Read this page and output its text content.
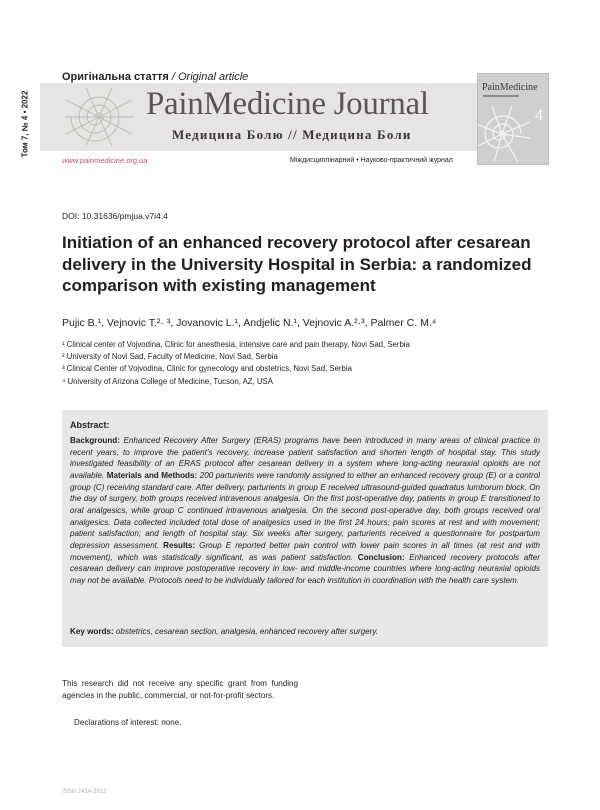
Оригінальна стаття / Original article
Том 7, № 4 • 2022	PainMedicine Journal
Медицина Болю // Медицина Боли
PainMedicine
4
www.painmedicine.org.ua	Міждисциплінарний • Науково-практичний журнал
DOI: 10.31636/pmjua.v7i4.4
Initiation of an enhanced recovery protocol after cesarean delivery in the University Hospital in Serbia: a randomized comparison with existing management
Pujic B.¹, Vejnovic T.²· ³, Jovanovic L.¹, Andjelic N.¹, Vejnovic A.²·³, Palmer C. M.⁴
¹ Clinical center of Vojvodina, Clinic for anesthesia, intensive care and pain therapy, Novi Sad, Serbia
² University of Novi Sad, Faculty of Medicine, Novi Sad, Serbia
³ Clinical Center of Vojvodina, Clinic for gynecology and obstetrics, Novi Sad, Serbia
⁴ University of Arizona College of Medicine, Tucson, AZ, USA
Abstract:
Background: Enhanced Recovery After Surgery (ERAS) programs have been introduced in many areas of clinical practice in recent years, to improve the patient’s recovery, increase patient satisfaction and shorten length of hospital stay. This study investigated feasibility of an ERAS protocol after cesarean delivery in a system where long-acting neuraxial opioids are not available. Materials and Methods: 200 parturients were randomly assigned to either an enhanced recovery group (E) or a control group (C) receiving standard care. After delivery, parturients in group E received ultrasound-guided quadratus lumborum block. On the day of surgery, both groups received intravenous analgesia. On the first post-operative day, patients in group E transitioned to oral analgesics, while group C continued intravenous analgesia. On the second post-operative day, both groups received oral analgesics. Data collected included total dose of analgesics used in the first 24 hours; pain scores at rest and with movement; patient satisfaction; and length of hospital stay. Six weeks after surgery, parturients received a questionnaire for postpartum depression assessment. Results: Group E reported better pain control with lower pain scores in all times (at rest and with movement), which was statistically significant, as was patient satisfaction. Conclusion: Enhanced recovery protocols after cesarean delivery can improve postoperative recovery in low- and middle-income countries where long-acting neuraxial opioids may not be available. Protocols need to be individually tailored for each institution in coordination with the health care system.
Key words: obstetrics, cesarean section, analgesia, enhanced recovery after surgery.
This research did not receive any specific grant from funding agencies in the public, commercial, or not-for-profit sectors.
Declarations of interest: none.
ISSN 2414-3812
